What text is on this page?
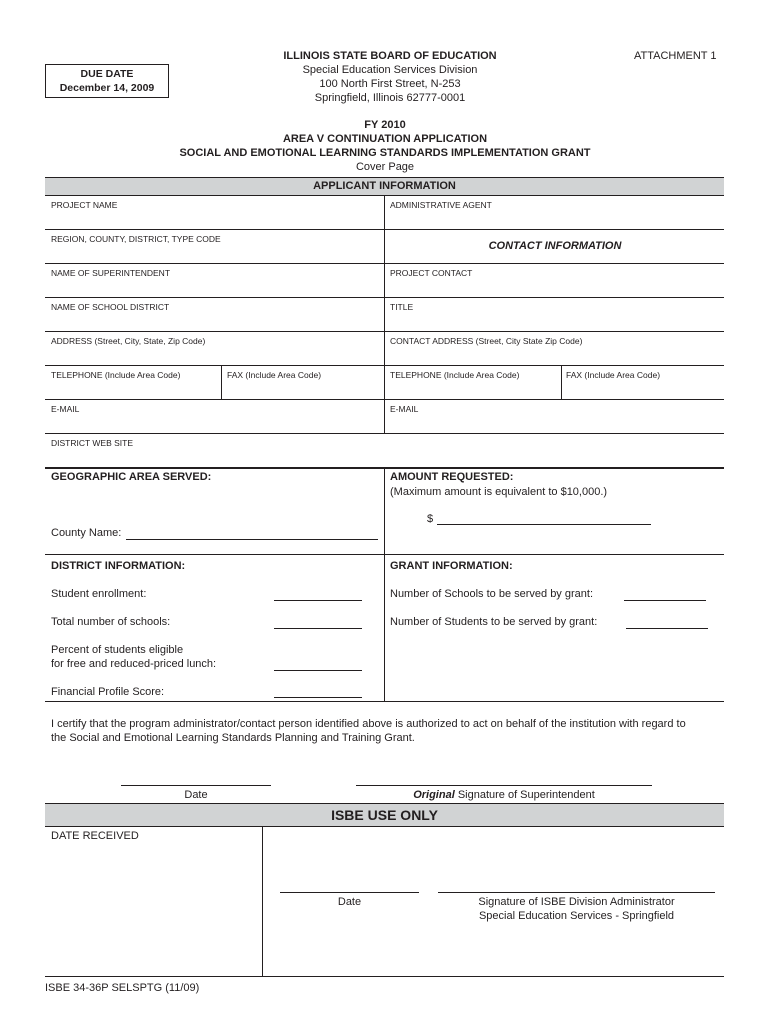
ILLINOIS STATE BOARD OF EDUCATION
Special Education Services Division
100 North First Street, N-253
Springfield, Illinois 62777-0001
ATTACHMENT 1
DUE DATE
December 14, 2009
FY 2010
AREA V CONTINUATION APPLICATION
SOCIAL AND EMOTIONAL LEARNING STANDARDS IMPLEMENTATION GRANT
Cover Page
APPLICANT INFORMATION
PROJECT NAME	ADMINISTRATIVE AGENT
REGION, COUNTY, DISTRICT, TYPE CODE
CONTACT INFORMATION
NAME OF SUPERINTENDENT	PROJECT CONTACT
NAME OF SCHOOL DISTRICT	TITLE
ADDRESS (Street, City, State, Zip Code)	CONTACT ADDRESS (Street, City State Zip Code)
TELEPHONE (Include Area Code)	FAX (Include Area Code)	TELEPHONE (Include Area Code)	FAX (Include Area Code)
E-MAIL	E-MAIL
DISTRICT WEB SITE
GEOGRAPHIC AREA SERVED:
County Name:
AMOUNT REQUESTED:
(Maximum amount is equivalent to $10,000.)
$
DISTRICT INFORMATION:
Student enrollment:
Total number of schools:
Percent of students eligible
for free and reduced-priced lunch:
Financial Profile Score:
GRANT INFORMATION:
Number of Schools to be served by grant:
Number of Students to be served by grant:
I certify that the program administrator/contact person identified above is authorized to act on behalf of the institution with regard to
the Social and Emotional Learning Standards Planning and Training Grant.
Date	Original Signature of Superintendent
ISBE USE ONLY
DATE RECEIVED
Date	Signature of ISBE Division Administrator
Special Education Services - Springfield
ISBE 34-36P SELSPTG (11/09)
